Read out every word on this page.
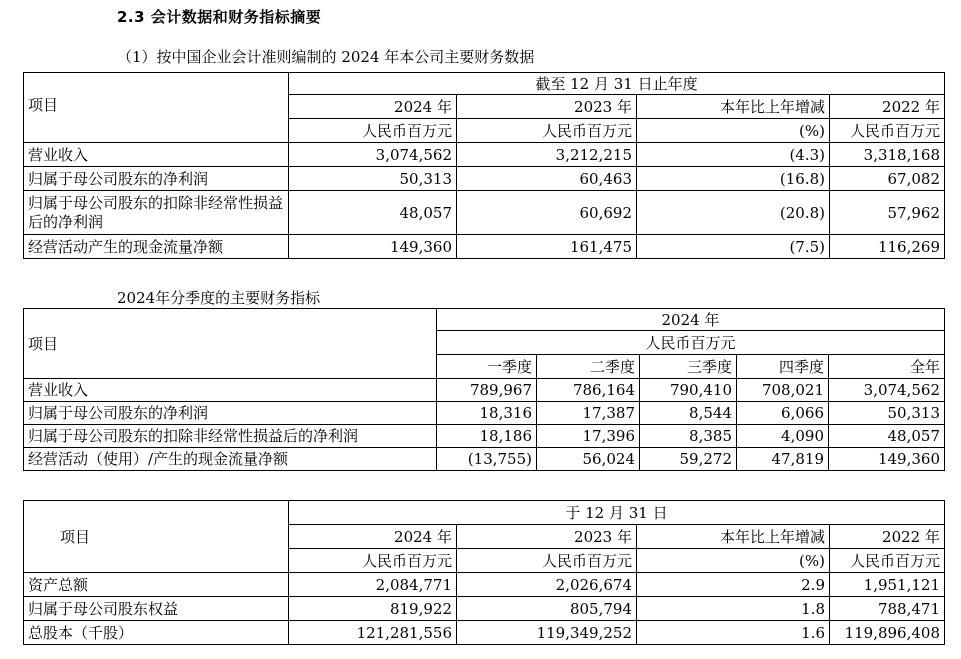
2.3 会计数据和财务指标摘要
（1）按中国企业会计准则编制的 2024 年本公司主要财务数据
项目	截至 12 月 31 日止年度			
	2024 年	2023 年	本年比上年增减	2022 年
	人民币百万元	人民币百万元	(%)	人民币百万元
营业收入	3,074,562	3,212,215	(4.3)	3,318,168
归属于母公司股东的净利润	50,313	60,463	(16.8)	67,082
归属于母公司股东的扣除非经常性损益后的净利润	48,057	60,692	(20.8)	57,962
经营活动产生的现金流量净额	149,360	161,475	(7.5)	116,269
2024年分季度的主要财务指标
项目	2024 年				
	人民币百万元				
	一季度	二季度	三季度	四季度	全年
营业收入	789,967	786,164	790,410	708,021	3,074,562
归属于母公司股东的净利润	18,316	17,387	8,544	6,066	50,313
归属于母公司股东的扣除非经常性损益后的净利润	18,186	17,396	8,385	4,090	48,057
经营活动（使用）/产生的现金流量净额	(13,755)	56,024	59,272	47,819	149,360
项目	于 12 月 31 日			
	2024 年	2023 年	本年比上年增减	2022 年
	人民币百万元	人民币百万元	(%)	人民币百万元
资产总额	2,084,771	2,026,674	2.9	1,951,121
归属于母公司股东权益	819,922	805,794	1.8	788,471
总股本（千股）	121,281,556	119,349,252	1.6	119,896,408
